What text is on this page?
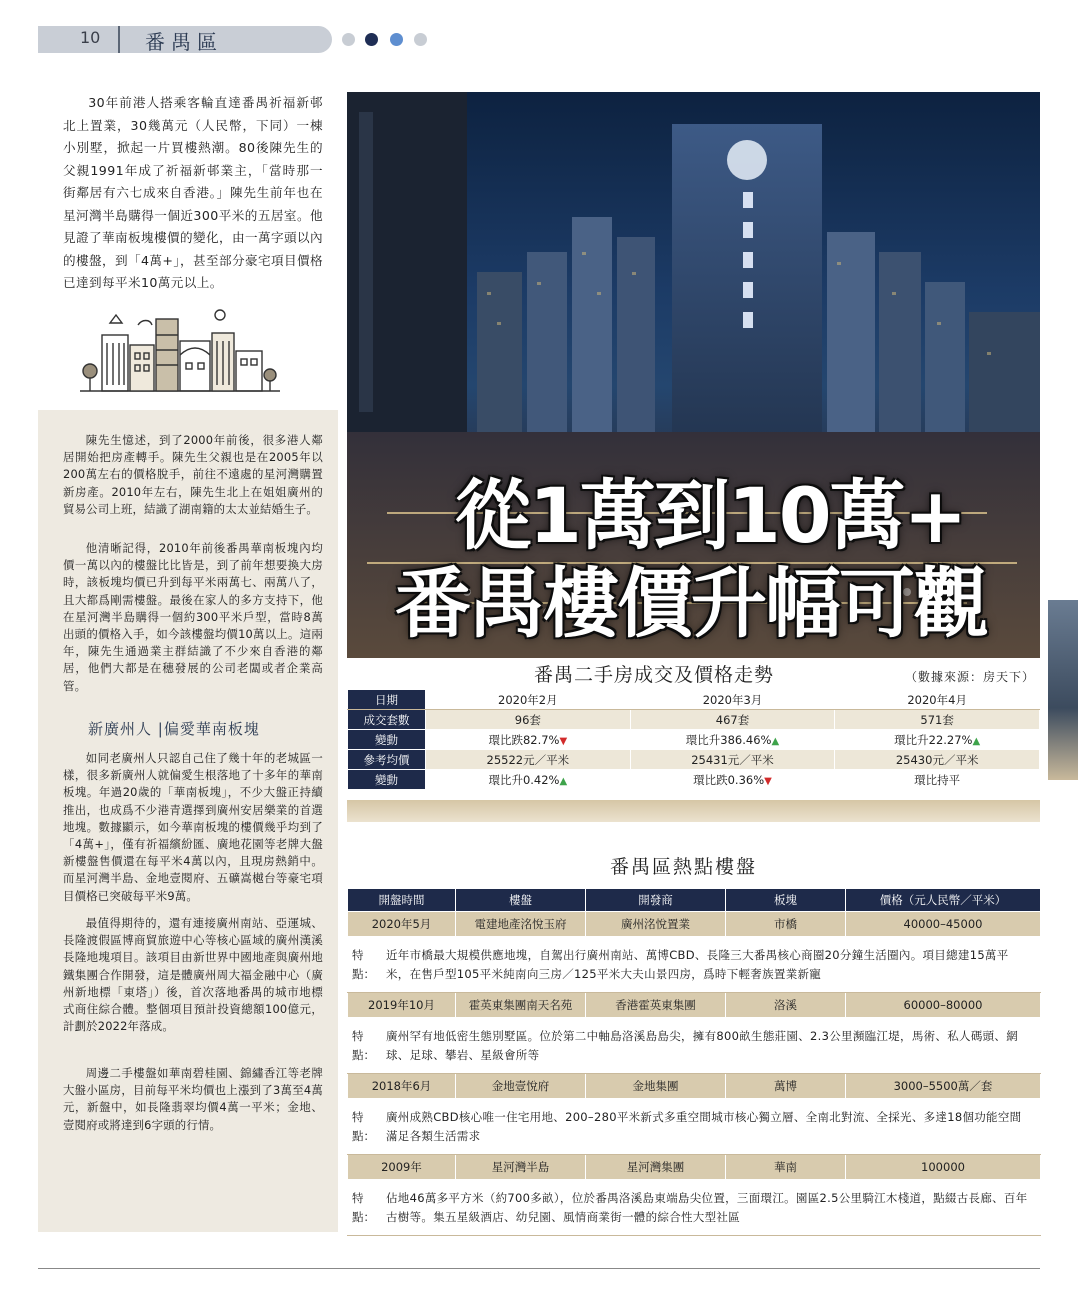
10 番禺區

30年前港人搭乘客輪直達番禺祈福新邨北上置業，30幾萬元（人民幣，下同）一棟小別墅，掀起一片買樓熱潮。80後陳先生的父親1991年成了祈福新邨業主，「當時那一街鄰居有六七成來自香港。」陳先生前年也在星河灣半島購得一個近300平米的五居室。他見證了華南板塊樓價的變化，由一萬字頭以內的樓盤，到「4萬+」，甚至部分豪宅項目價格已達到每平米10萬元以上。

陳先生憶述，到了2000年前後，很多港人鄰居開始把房產轉手。陳先生父親也是在2005年以200萬左右的價格脫手，前往不遠處的星河灣購置新房產。2010年左右，陳先生北上在姐姐廣州的貿易公司上班，結識了湖南籍的太太並結婚生子。

他清晰記得，2010年前後番禺華南板塊內均價一萬以內的樓盤比比皆是，到了前年想要換大房時，該板塊均價已升到每平米兩萬七、兩萬八了，且大都爲剛需樓盤。最後在家人的多方支持下，他在星河灣半島購得一個約300平米戶型，當時8萬出頭的價格入手，如今該樓盤均價10萬以上。這兩年，陳先生通過業主群結識了不少來自香港的鄰居，他們大都是在穗發展的公司老闆或者企業高管。

新廣州人 |偏愛華南板塊

如同老廣州人只認自己住了幾十年的老城區一樣，很多新廣州人就偏愛生根落地了十多年的華南板塊。年過20歲的「華南板塊」，不少大盤正持續推出，也成爲不少港青選擇到廣州安居樂業的首選地塊。數據顯示，如今華南板塊的樓價幾乎均到了「4萬+」，僅有祈福繽紛匯、廣地花園等老牌大盤新樓盤售價還在每平米4萬以內，且現房熱銷中。而星河灣半島、金地壹閱府、五礦嵩樾台等豪宅項目價格已突破每平米9萬。

最值得期待的，還有連接廣州南站、亞運城、長隆渡假區博商貿旅遊中心等核心區域的廣州漢溪長隆地塊項目。該項目由新世界中國地產與廣州地鐵集團合作開發，這是體廣州周大福金融中心（廣州新地標「東塔」）後，首次落地番禺的城市地標式商住綜合體。整個項目預計投資總額100億元，計劃於2022年落成。

周邊二手樓盤如華南碧桂園、錦繡香江等老牌大盤小區房，目前每平米均價也上漲到了3萬至4萬元，新盤中，如長隆翡翠均價4萬一平米；金地、壹閱府或將達到6字頭的行情。

從1萬到10萬+
番禺樓價升幅可觀
番禺二手房成交及價格走勢	（數據來源：房天下）
日期	2020年2月	2020年3月	2020年4月
成交套數	96套	467套	571套
變動	環比跌82.7%▼	環比升386.46%▲	環比升22.27%▲
參考均價	25522元／平米	25431元／平米	25430元／平米
變動	環比升0.42%▲	環比跌0.36%▼	環比持平
番禺區熱點樓盤
開盤時間	樓盤	開發商	板塊	價格（元人民幣／平米）
2020年5月	電建地產洺悅玉府	廣州洺悅置業	市橋	40000–45000

特點：
近年市橋最大規模供應地塊，自駕出行廣州南站、萬博CBD、長隆三大番禺核心商圈20分鐘生活圈內。項目總建15萬平米，在售戶型105平米純南向三房／125平米大夫山景四房，爲時下輕奢族置業新寵				

2019年10月	霍英東集團南天名苑	香港霍英東集團	洛溪	60000–80000

特點：
廣州罕有地低密生態別墅區。位於第二中軸島洛溪島島尖，擁有800畝生態莊園、2.3公里瀕臨江堤，馬術、私人碼頭、網球、足球、攀岩、星級會所等				

2018年6月	金地壹悅府	金地集團	萬博	3000–5500萬／套

特點：
廣州成熟CBD核心唯一住宅用地、200–280平米新式多重空間城市核心獨立層、全南北對流、全採光、多達18個功能空間滿足各類生活需求				

2009年	星河灣半島	星河灣集團	華南	100000

特點：
佔地46萬多平方米（約700多畝），位於番禺洛溪島東端島尖位置，三面環江。園區2.5公里騎江木棧道，點綴古長廊、百年古樹等。集五星級酒店、幼兒園、風情商業街一體的綜合性大型社區				
